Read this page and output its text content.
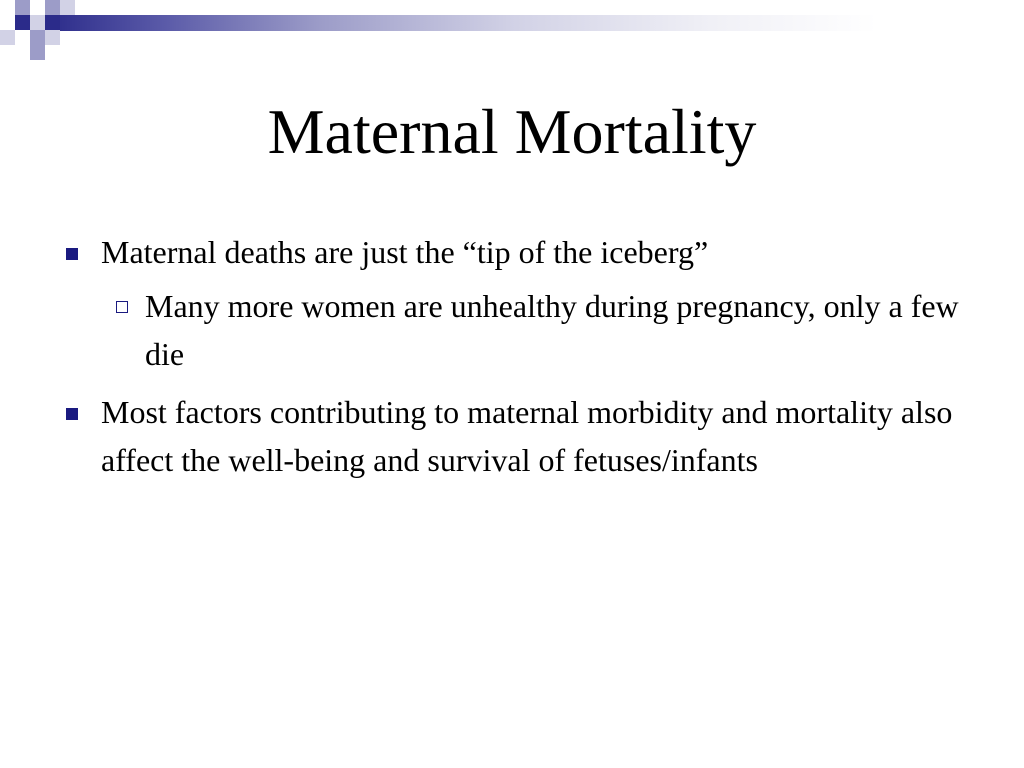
Maternal Mortality
Maternal deaths are just the “tip of the iceberg”
Many more women are unhealthy during pregnancy, only a few die
Most factors contributing to maternal morbidity and mortality also affect the well-being and survival of fetuses/infants
